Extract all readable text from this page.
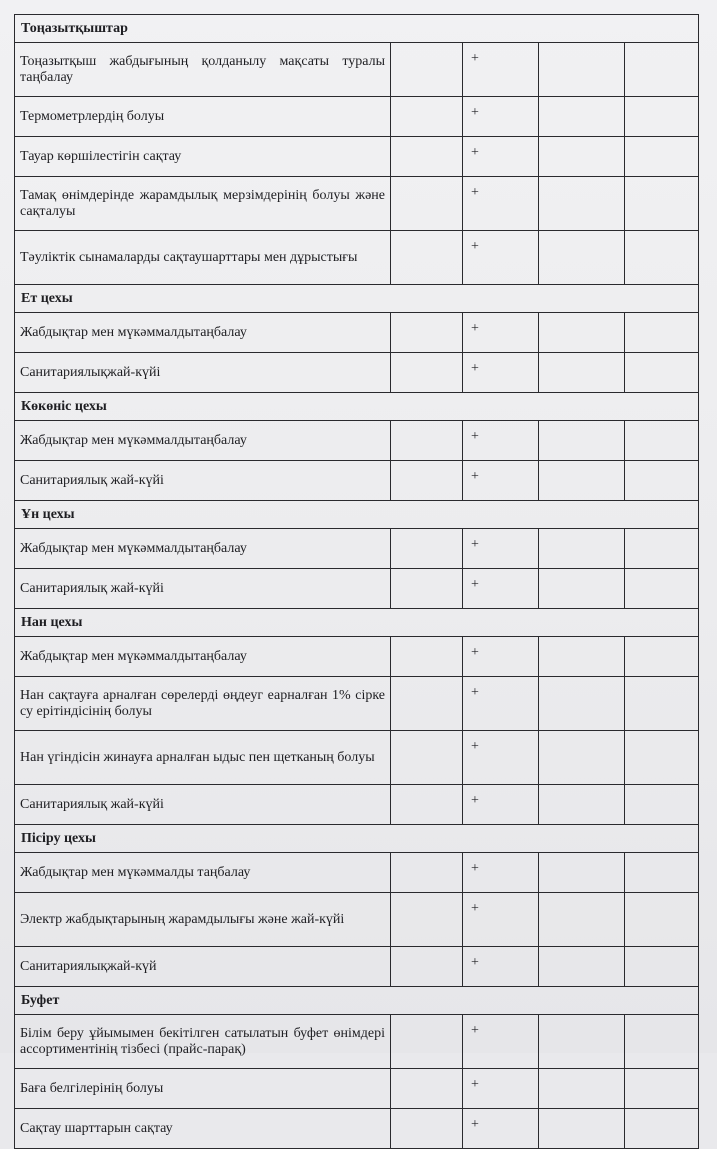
Тоңазытқыштар				
Тоңазытқыш жабдығының қолданылу мақсаты туралы таңбалау		+		
Термометрлердің болуы		+		
Тауар көршілестігін сақтау		+		
Тамақ өнімдерінде жарамдылық мерзімдерінің болуы және сақталуы		+		
Тәуліктік сынамаларды сақтаушарттары мен дұрыстығы		+		
Ет цехы				
Жабдықтар мен мүкәммалдытаңбалау		+		
Санитариялықжай-күйі		+		
Көкөніс цехы				
Жабдықтар мен мүкәммалдытаңбалау		+		
Санитариялық жай-күйі		+		
Ұн цехы				
Жабдықтар мен мүкәммалдытаңбалау		+		
Санитариялық жай-күйі		+		
Нан цехы				
Жабдықтар мен мүкәммалдытаңбалау		+		
Нан сақтауға арналған сөрелерді өңдеуг еарналған 1% сірке су ерітіндісінің болуы		+		
Нан үгіндісін жинауға арналған ыдыс пен щетканың болуы		+		
Санитариялық жай-күйі		+		
Пісіру цехы				
Жабдықтар мен мүкәммалды таңбалау		+		
Электр жабдықтарының жарамдылығы және жай-күйі		+		
Санитариялықжай-күй		+		
Буфет				
Білім беру ұйымымен бекітілген сатылатын буфет өнімдері ассортиментінің тізбесі (прайс-парақ)		+		
Баға белгілерінің болуы		+		
Сақтау шарттарын сақтау		+		
